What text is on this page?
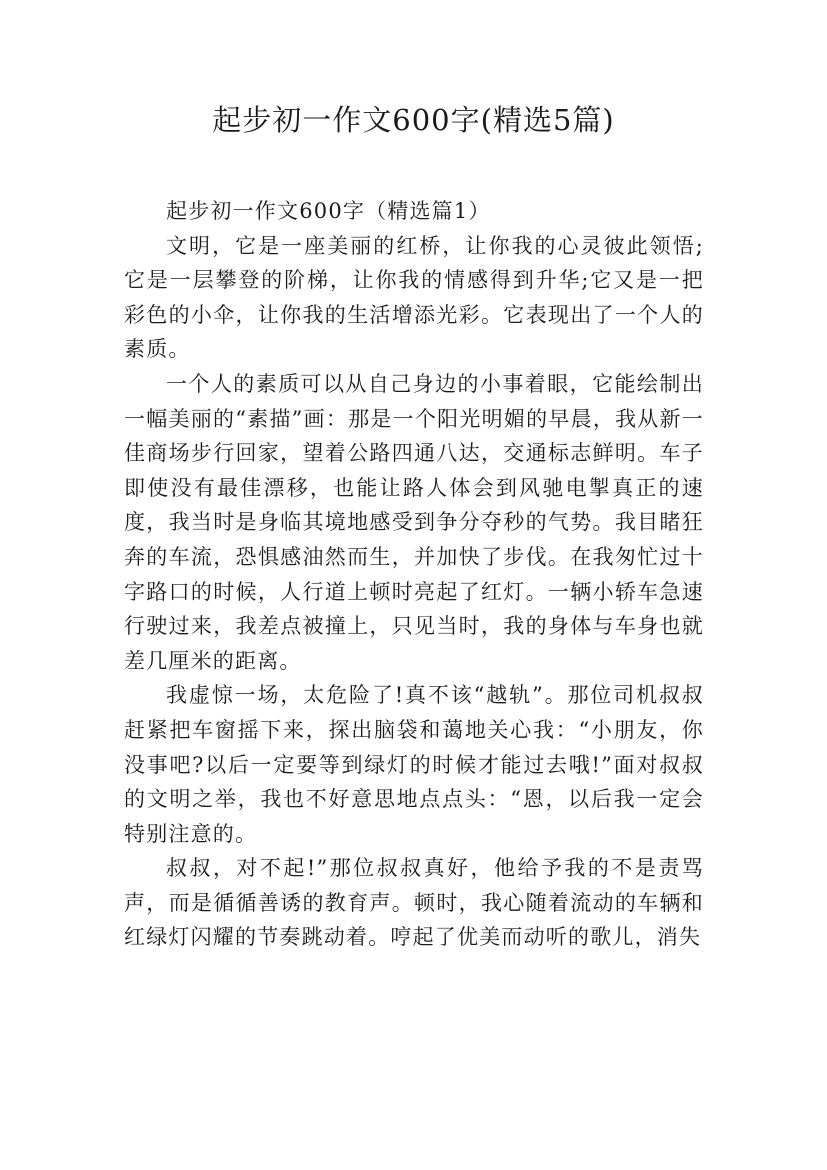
起步初一作文600字(精选5篇)

起步初一作文600字（精选篇1）

文明，它是一座美丽的红桥，让你我的心灵彼此领悟;它是一层攀登的阶梯，让你我的情感得到升华;它又是一把彩色的小伞，让你我的生活增添光彩。它表现出了一个人的素质。

一个人的素质可以从自己身边的小事着眼，它能绘制出一幅美丽的“素描”画：那是一个阳光明媚的早晨，我从新一佳商场步行回家，望着公路四通八达，交通标志鲜明。车子即使没有最佳漂移，也能让路人体会到风驰电掣真正的速度，我当时是身临其境地感受到争分夺秒的气势。我目睹狂奔的车流，恐惧感油然而生，并加快了步伐。在我匆忙过十字路口的时候，人行道上顿时亮起了红灯。一辆小轿车急速行驶过来，我差点被撞上，只见当时，我的身体与车身也就差几厘米的距离。

我虚惊一场，太危险了!真不该“越轨”。那位司机叔叔赶紧把车窗摇下来，探出脑袋和蔼地关心我：“小朋友，你没事吧?以后一定要等到绿灯的时候才能过去哦!”面对叔叔的文明之举，我也不好意思地点点头：“恩，以后我一定会特别注意的。

叔叔，对不起!”那位叔叔真好，他给予我的不是责骂声，而是循循善诱的教育声。顿时，我心随着流动的车辆和红绿灯闪耀的节奏跳动着。哼起了优美而动听的歌儿，消失
